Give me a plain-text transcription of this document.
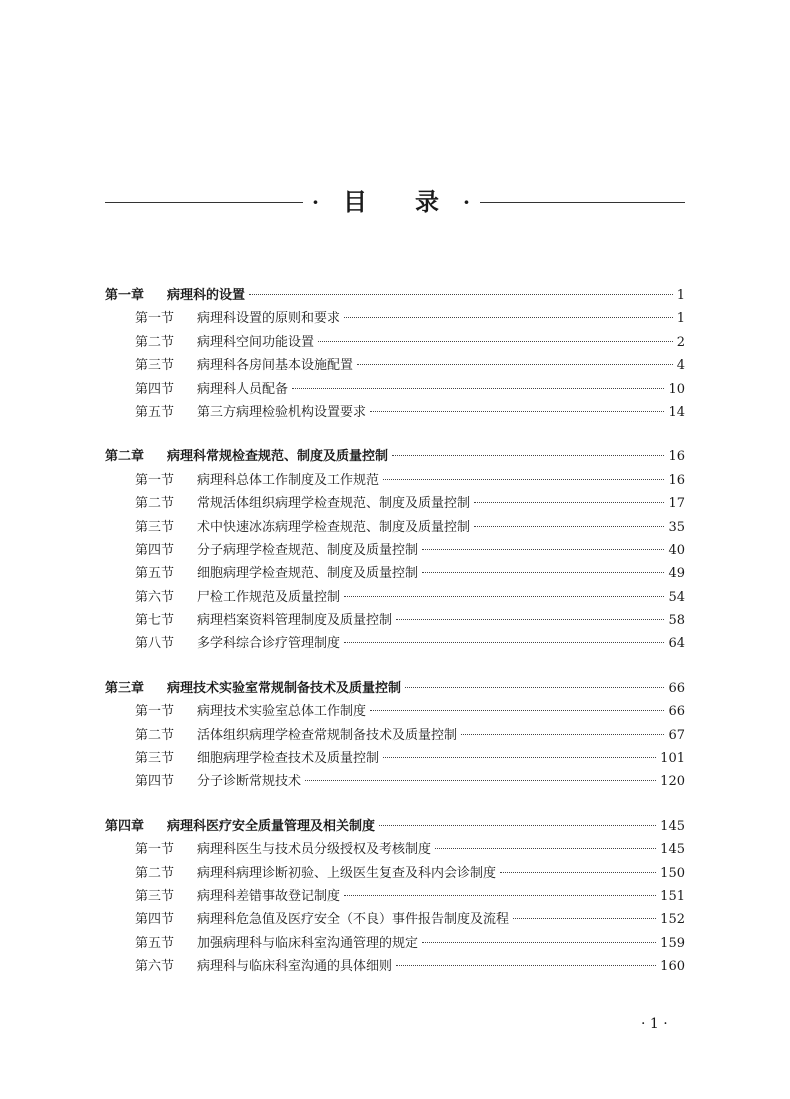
· 目 录 ·
第一章	病理科的设置	1
第一节	病理科设置的原则和要求	1
第二节	病理科空间功能设置	2
第三节	病理科各房间基本设施配置	4
第四节	病理科人员配备	10
第五节	第三方病理检验机构设置要求	14
第二章	病理科常规检查规范、制度及质量控制	16
第一节	病理科总体工作制度及工作规范	16
第二节	常规活体组织病理学检查规范、制度及质量控制	17
第三节	术中快速冰冻病理学检查规范、制度及质量控制	35
第四节	分子病理学检查规范、制度及质量控制	40
第五节	细胞病理学检查规范、制度及质量控制	49
第六节	尸检工作规范及质量控制	54
第七节	病理档案资料管理制度及质量控制	58
第八节	多学科综合诊疗管理制度	64
第三章	病理技术实验室常规制备技术及质量控制	66
第一节	病理技术实验室总体工作制度	66
第二节	活体组织病理学检查常规制备技术及质量控制	67
第三节	细胞病理学检查技术及质量控制	101
第四节	分子诊断常规技术	120
第四章	病理科医疗安全质量管理及相关制度	145
第一节	病理科医生与技术员分级授权及考核制度	145
第二节	病理科病理诊断初验、上级医生复查及科内会诊制度	150
第三节	病理科差错事故登记制度	151
第四节	病理科危急值及医疗安全（不良）事件报告制度及流程	152
第五节	加强病理科与临床科室沟通管理的规定	159
第六节	病理科与临床科室沟通的具体细则	160
· 1 ·
